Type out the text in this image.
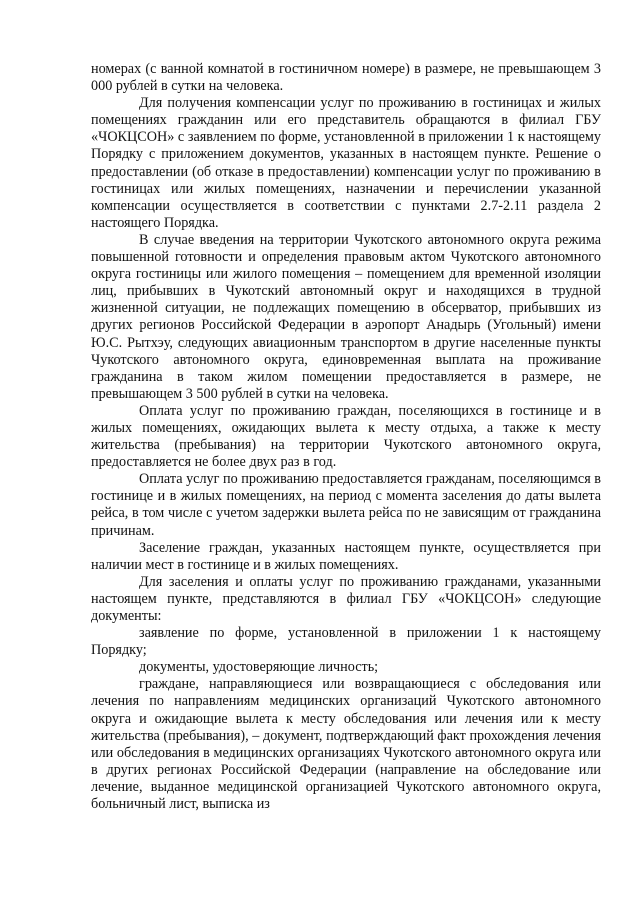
номерах (с ванной комнатой в гостиничном номере) в размере, не превышающем 3 000 рублей в сутки на человека.

Для получения компенсации услуг по проживанию в гостиницах и жилых помещениях гражданин или его представитель обращаются в филиал ГБУ «ЧОКЦСОН» с заявлением по форме, установленной в приложении 1 к настоящему Порядку с приложением документов, указанных в настоящем пункте. Решение о предоставлении (об отказе в предоставлении) компенсации услуг по проживанию в гостиницах или жилых помещениях, назначении и перечислении указанной компенсации осуществляется в соответствии с пунктами 2.7-2.11 раздела 2 настоящего Порядка.

В случае введения на территории Чукотского автономного округа режима повышенной готовности и определения правовым актом Чукотского автономного округа гостиницы или жилого помещения – помещением для временной изоляции лиц, прибывших в Чукотский автономный округ и находящихся в трудной жизненной ситуации, не подлежащих помещению в обсерватор, прибывших из других регионов Российской Федерации в аэропорт Анадырь (Угольный) имени Ю.С. Рытхэу, следующих авиационным транспортом в другие населенные пункты Чукотского автономного округа, единовременная выплата на проживание гражданина в таком жилом помещении предоставляется в размере, не превышающем 3 500 рублей в сутки на человека.

Оплата услуг по проживанию граждан, поселяющихся в гостинице и в жилых помещениях, ожидающих вылета к месту отдыха, а также к месту жительства (пребывания) на территории Чукотского автономного округа, предоставляется не более двух раз в год.

Оплата услуг по проживанию предоставляется гражданам, поселяющимся в гостинице и в жилых помещениях, на период с момента заселения до даты вылета рейса, в том числе с учетом задержки вылета рейса по не зависящим от гражданина причинам.

Заселение граждан, указанных настоящем пункте, осуществляется при наличии мест в гостинице и в жилых помещениях.

Для заселения и оплаты услуг по проживанию гражданами, указанными настоящем пункте, представляются в филиал ГБУ «ЧОКЦСОН» следующие документы:

заявление по форме, установленной в приложении 1 к настоящему Порядку;

документы, удостоверяющие личность;

граждане, направляющиеся или возвращающиеся с обследования или лечения по направлениям медицинских организаций Чукотского автономного округа и ожидающие вылета к месту обследования или лечения или к месту жительства (пребывания), – документ, подтверждающий факт прохождения лечения или обследования в медицинских организациях Чукотского автономного округа или в других регионах Российской Федерации (направление на обследование или лечение, выданное медицинской организацией Чукотского автономного округа, больничный лист, выписка из
